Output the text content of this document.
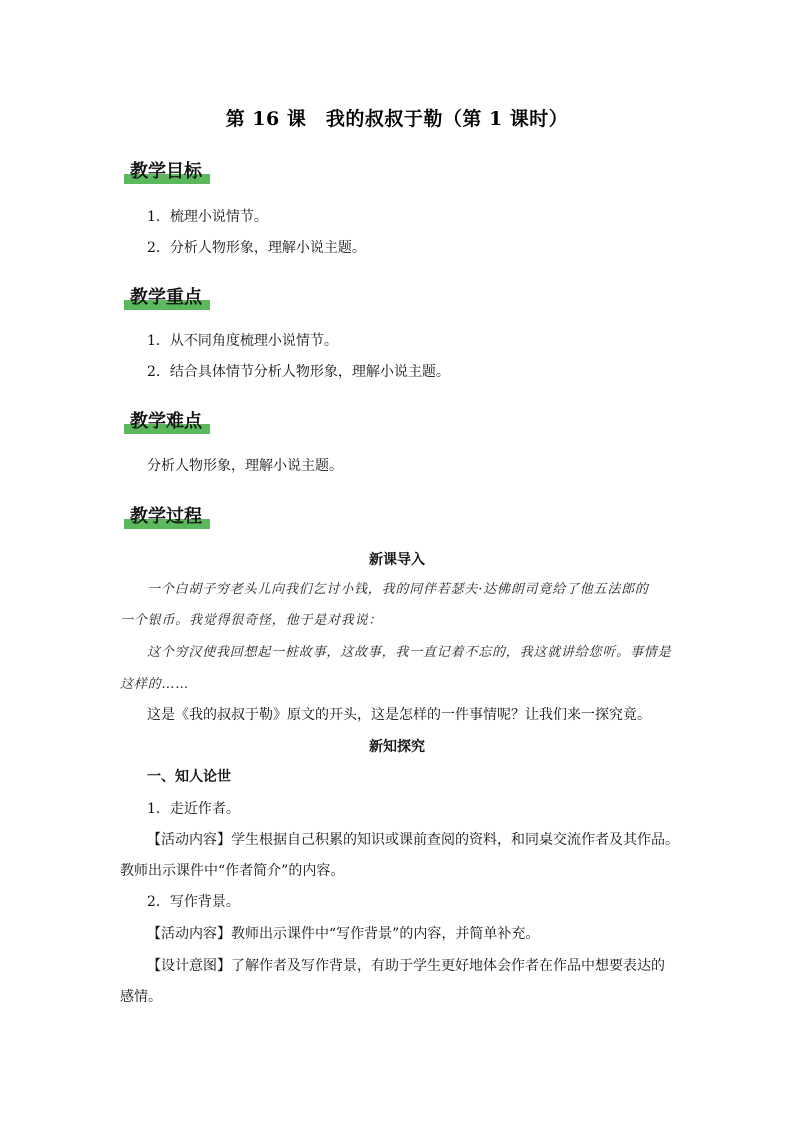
第 16 课　我的叔叔于勒（第 1 课时）
教学目标
1．梳理小说情节。
2．分析人物形象，理解小说主题。
教学重点
1．从不同角度梳理小说情节。
2．结合具体情节分析人物形象，理解小说主题。
教学难点
分析人物形象，理解小说主题。
教学过程
新课导入
一个白胡子穷老头儿向我们乞讨小钱，我的同伴若瑟夫·达佛朗司竟给了他五法郎的
一个银币。我觉得很奇怪，他于是对我说：
这个穷汉使我回想起一桩故事，这故事，我一直记着不忘的，我这就讲给您听。事情是
这样的……
这是《我的叔叔于勒》原文的开头，这是怎样的一件事情呢？让我们来一探究竟。
新知探究
一、知人论世
1．走近作者。
【活动内容】学生根据自己积累的知识或课前查阅的资料，和同桌交流作者及其作品。
教师出示课件中“作者简介”的内容。
2．写作背景。
【活动内容】教师出示课件中“写作背景”的内容，并简单补充。
【设计意图】了解作者及写作背景，有助于学生更好地体会作者在作品中想要表达的
感情。
